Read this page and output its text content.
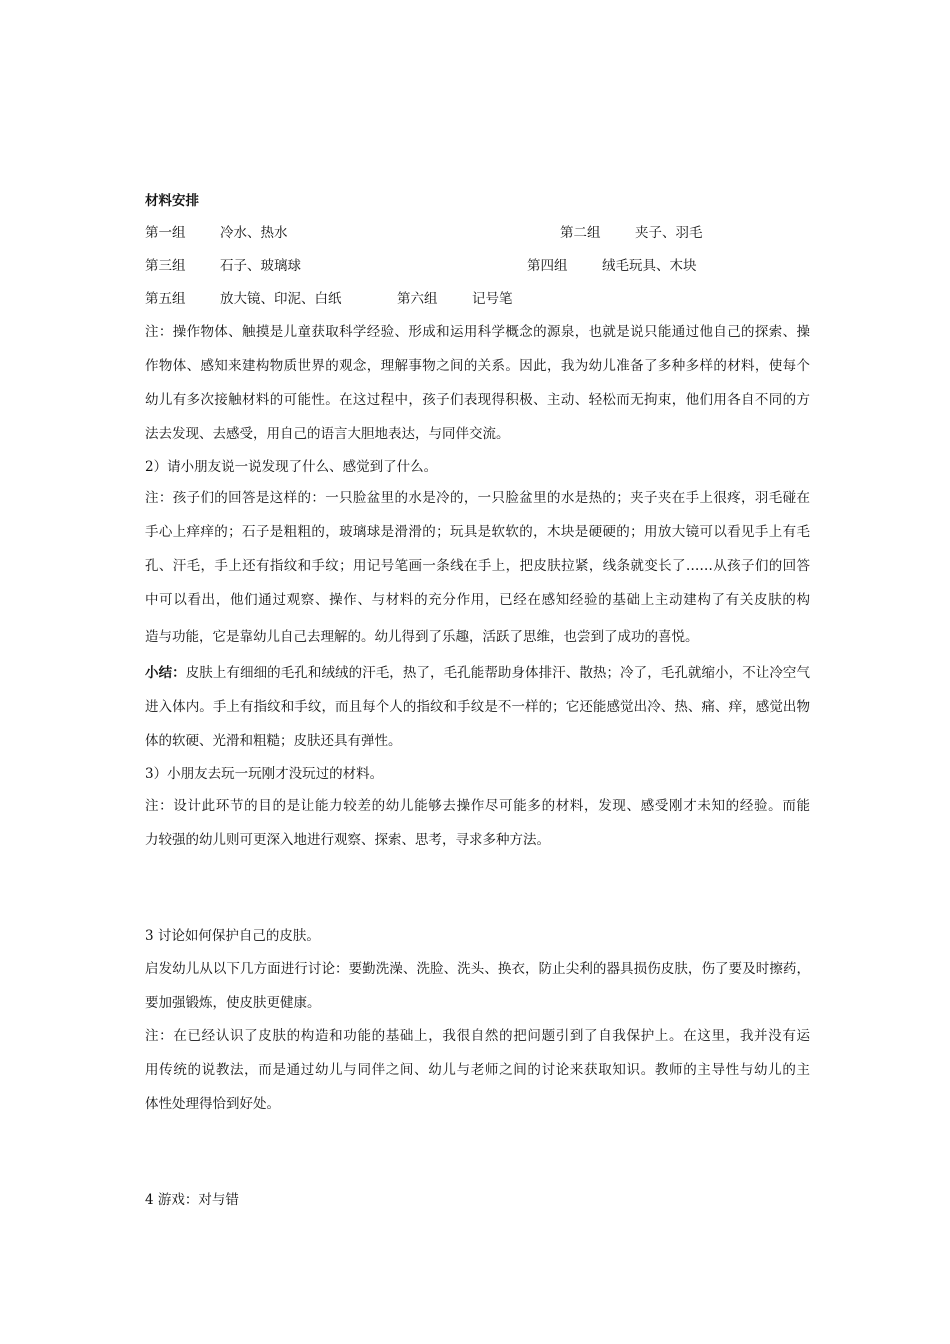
材料安排
第一组	冷水、热水	第二组	夹子、羽毛
第三组	石子、玻璃球	第四组	绒毛玩具、木块
第五组	放大镜、印泥、白纸	第六组	记号笔
注：操作物体、触摸是儿童获取科学经验、形成和运用科学概念的源泉，也就是说只能通过他自己的探索、操
作物体、感知来建构物质世界的观念，理解事物之间的关系。因此，我为幼儿准备了多种多样的材料，使每个
幼儿有多次接触材料的可能性。在这过程中，孩子们表现得积极、主动、轻松而无拘束，他们用各自不同的方
法去发现、去感受，用自己的语言大胆地表达，与同伴交流。
2）请小朋友说一说发现了什么、感觉到了什么。
注：孩子们的回答是这样的：一只脸盆里的水是冷的，一只脸盆里的水是热的；夹子夹在手上很疼，羽毛碰在
手心上痒痒的；石子是粗粗的，玻璃球是滑滑的；玩具是软软的，木块是硬硬的；用放大镜可以看见手上有毛
孔、汗毛，手上还有指纹和手纹；用记号笔画一条线在手上，把皮肤拉紧，线条就变长了……从孩子们的回答
中可以看出，他们通过观察、操作、与材料的充分作用，已经在感知经验的基础上主动建构了有关皮肤的构
造与功能，它是靠幼儿自己去理解的。幼儿得到了乐趣，活跃了思维，也尝到了成功的喜悦。
小结：皮肤上有细细的毛孔和绒绒的汗毛，热了，毛孔能帮助身体排汗、散热；冷了，毛孔就缩小，不让冷空气
进入体内。手上有指纹和手纹，而且每个人的指纹和手纹是不一样的；它还能感觉出冷、热、痛、痒，感觉出物
体的软硬、光滑和粗糙；皮肤还具有弹性。
3）小朋友去玩一玩刚才没玩过的材料。
注：设计此环节的目的是让能力较差的幼儿能够去操作尽可能多的材料，发现、感受刚才未知的经验。而能
力较强的幼儿则可更深入地进行观察、探索、思考，寻求多种方法。
3 讨论如何保护自己的皮肤。
启发幼儿从以下几方面进行讨论：要勤洗澡、洗脸、洗头、换衣，防止尖利的器具损伤皮肤，伤了要及时擦药，
要加强锻炼，使皮肤更健康。
注：在已经认识了皮肤的构造和功能的基础上，我很自然的把问题引到了自我保护上。在这里，我并没有运
用传统的说教法，而是通过幼儿与同伴之间、幼儿与老师之间的讨论来获取知识。教师的主导性与幼儿的主
体性处理得恰到好处。
4 游戏：对与错
